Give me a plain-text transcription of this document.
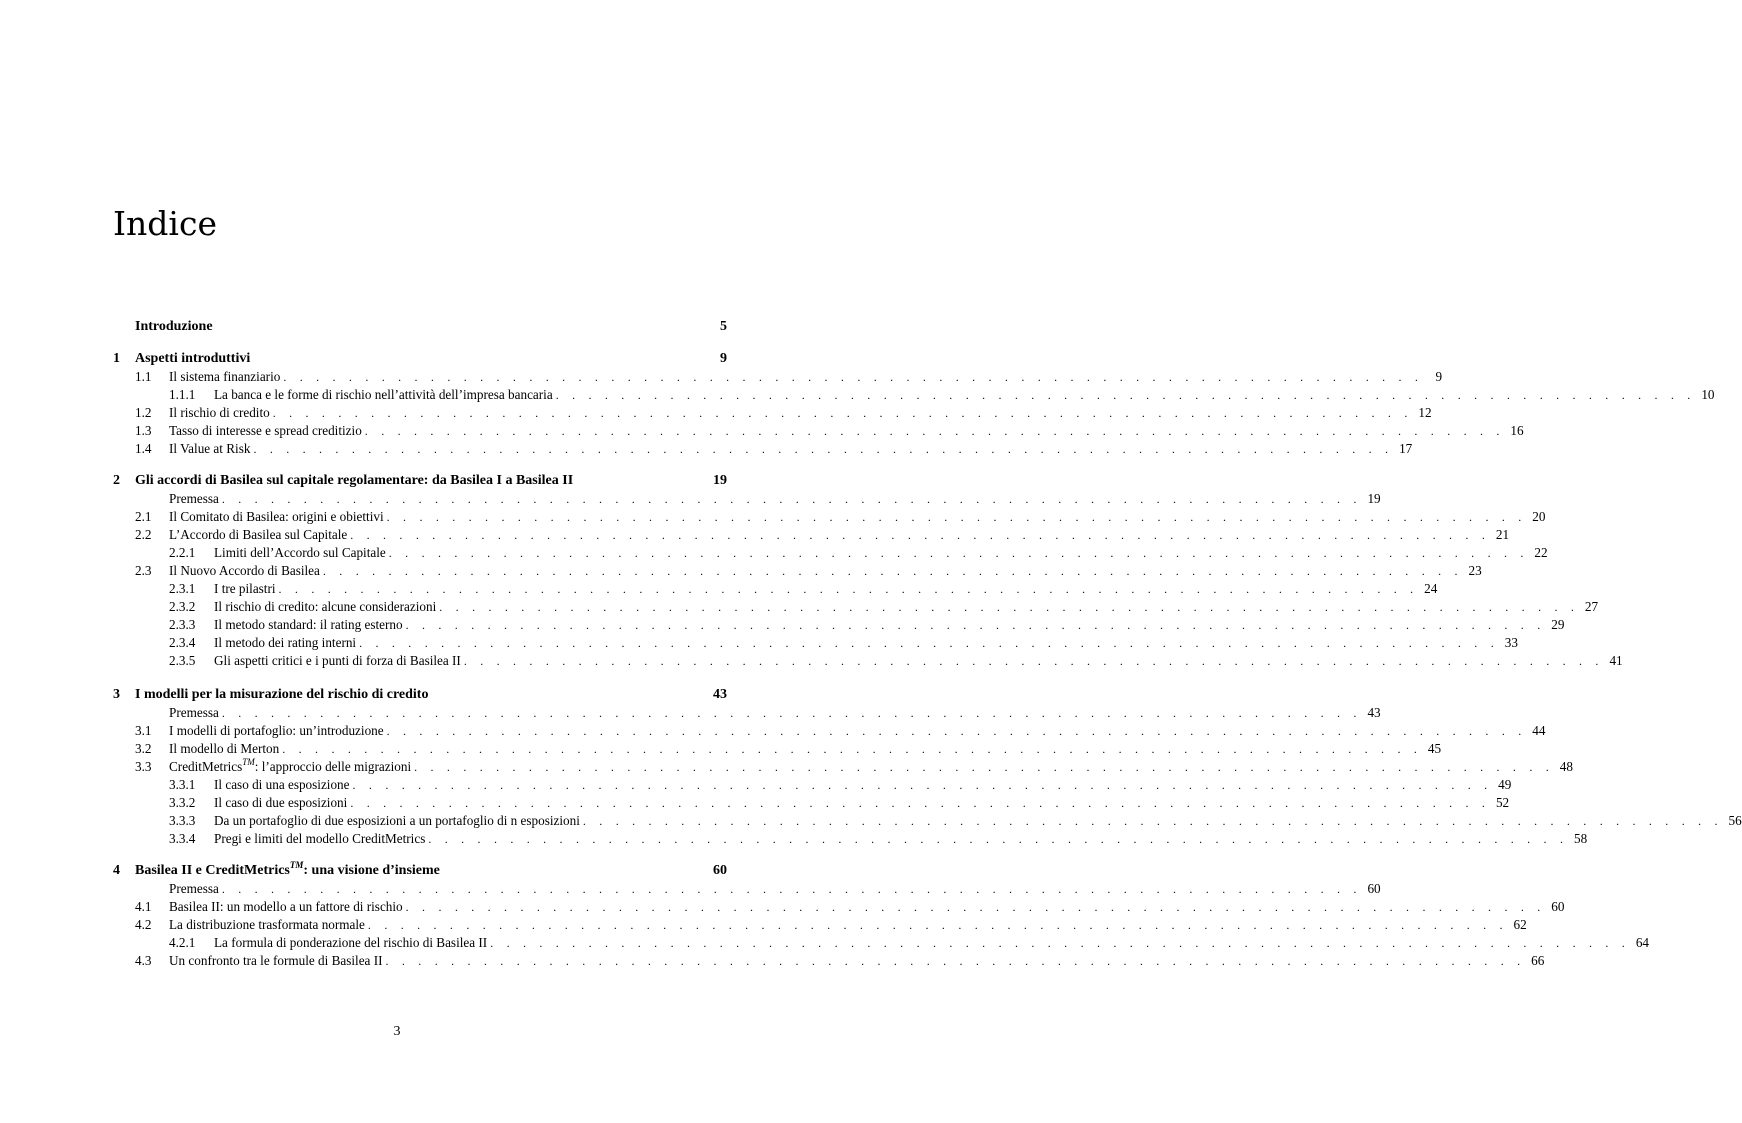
Indice
Introduzione	5
1	Aspetti introduttivi	9
1.1	Il sistema finanziario . . . . . . . . . . . . . . . . . . . . . . . . . . . . . . . . . . . . . . . . . . . . . . . . . . . . . . . . . . . . . . . . . . . . . . 9
1.1.1	La banca e le forme di rischio nell’attività dell’impresa bancaria . . . . . . . . . . . . . . . . . . . . . . . . . . . . . . . . . . . . . . . . . . . . . . . . . . . . . . . . . . . . . . . . . . . . . . 10
1.2	Il rischio di credito . . . . . . . . . . . . . . . . . . . . . . . . . . . . . . . . . . . . . . . . . . . . . . . . . . . . . . . . . . . . . . . . . . . . . . 12
1.3	Tasso di interesse e spread creditizio . . . . . . . . . . . . . . . . . . . . . . . . . . . . . . . . . . . . . . . . . . . . . . . . . . . . . . . . . . . . . . . . . . . . . . 16
1.4	Il Value at Risk . . . . . . . . . . . . . . . . . . . . . . . . . . . . . . . . . . . . . . . . . . . . . . . . . . . . . . . . . . . . . . . . . . . . . . 17
2	Gli accordi di Basilea sul capitale regolamentare: da Basilea I a Basilea II	19
Premessa . . . . . . . . . . . . . . . . . . . . . . . . . . . . . . . . . . . . . . . . . . . . . . . . . . . . . . . . . . . . . . . . . . . . . . 19
2.1	Il Comitato di Basilea: origini e obiettivi . . . . . . . . . . . . . . . . . . . . . . . . . . . . . . . . . . . . . . . . . . . . . . . . . . . . . . . . . . . . . . . . . . . . . . 20
2.2	L’Accordo di Basilea sul Capitale . . . . . . . . . . . . . . . . . . . . . . . . . . . . . . . . . . . . . . . . . . . . . . . . . . . . . . . . . . . . . . . . . . . . . . 21
2.2.1	Limiti dell’Accordo sul Capitale . . . . . . . . . . . . . . . . . . . . . . . . . . . . . . . . . . . . . . . . . . . . . . . . . . . . . . . . . . . . . . . . . . . . . . 22
2.3	Il Nuovo Accordo di Basilea . . . . . . . . . . . . . . . . . . . . . . . . . . . . . . . . . . . . . . . . . . . . . . . . . . . . . . . . . . . . . . . . . . . . . . 23
2.3.1	I tre pilastri . . . . . . . . . . . . . . . . . . . . . . . . . . . . . . . . . . . . . . . . . . . . . . . . . . . . . . . . . . . . . . . . . . . . . . 24
2.3.2	Il rischio di credito: alcune considerazioni . . . . . . . . . . . . . . . . . . . . . . . . . . . . . . . . . . . . . . . . . . . . . . . . . . . . . . . . . . . . . . . . . . . . . . 27
2.3.3	Il metodo standard: il rating esterno . . . . . . . . . . . . . . . . . . . . . . . . . . . . . . . . . . . . . . . . . . . . . . . . . . . . . . . . . . . . . . . . . . . . . . 29
2.3.4	Il metodo dei rating interni . . . . . . . . . . . . . . . . . . . . . . . . . . . . . . . . . . . . . . . . . . . . . . . . . . . . . . . . . . . . . . . . . . . . . . 33
2.3.5	Gli aspetti critici e i punti di forza di Basilea II . . . . . . . . . . . . . . . . . . . . . . . . . . . . . . . . . . . . . . . . . . . . . . . . . . . . . . . . . . . . . . . . . . . . . . 41
3	I modelli per la misurazione del rischio di credito	43
Premessa . . . . . . . . . . . . . . . . . . . . . . . . . . . . . . . . . . . . . . . . . . . . . . . . . . . . . . . . . . . . . . . . . . . . . . 43
3.1	I modelli di portafoglio: un’introduzione . . . . . . . . . . . . . . . . . . . . . . . . . . . . . . . . . . . . . . . . . . . . . . . . . . . . . . . . . . . . . . . . . . . . . . 44
3.2	Il modello di Merton . . . . . . . . . . . . . . . . . . . . . . . . . . . . . . . . . . . . . . . . . . . . . . . . . . . . . . . . . . . . . . . . . . . . . . 45
3.3	CreditMetrics™: l’approccio delle migrazioni . . . . . . . . . . . . . . . . . . . . . . . . . . . . . . . . . . . . . . . . . . . . . . . . . . . . . . . . . . . . . . . . . . . . . . 48
3.3.1	Il caso di una esposizione . . . . . . . . . . . . . . . . . . . . . . . . . . . . . . . . . . . . . . . . . . . . . . . . . . . . . . . . . . . . . . . . . . . . . . 49
3.3.2	Il caso di due esposizioni . . . . . . . . . . . . . . . . . . . . . . . . . . . . . . . . . . . . . . . . . . . . . . . . . . . . . . . . . . . . . . . . . . . . . . 52
3.3.3	Da un portafoglio di due esposizioni a un portafoglio di n esposizioni . . . . . . . . . . . . . . . . . . . . . . . . . . . . . . . . . . . . . . . . . . . . . . . . . . . . . . . . . . . . . . . . . . . . . . 56
3.3.4	Pregi e limiti del modello CreditMetrics . . . . . . . . . . . . . . . . . . . . . . . . . . . . . . . . . . . . . . . . . . . . . . . . . . . . . . . . . . . . . . . . . . . . . . 58
4	Basilea II e CreditMetrics™: una visione d’insieme	60
Premessa . . . . . . . . . . . . . . . . . . . . . . . . . . . . . . . . . . . . . . . . . . . . . . . . . . . . . . . . . . . . . . . . . . . . . . 60
4.1	Basilea II: un modello a un fattore di rischio . . . . . . . . . . . . . . . . . . . . . . . . . . . . . . . . . . . . . . . . . . . . . . . . . . . . . . . . . . . . . . . . . . . . . . 60
4.2	La distribuzione trasformata normale . . . . . . . . . . . . . . . . . . . . . . . . . . . . . . . . . . . . . . . . . . . . . . . . . . . . . . . . . . . . . . . . . . . . . . 62
4.2.1	La formula di ponderazione del rischio di Basilea II . . . . . . . . . . . . . . . . . . . . . . . . . . . . . . . . . . . . . . . . . . . . . . . . . . . . . . . . . . . . . . . . . . . . . . 64
4.3	Un confronto tra le formule di Basilea II . . . . . . . . . . . . . . . . . . . . . . . . . . . . . . . . . . . . . . . . . . . . . . . . . . . . . . . . . . . . . . . . . . . . . . 66
3
